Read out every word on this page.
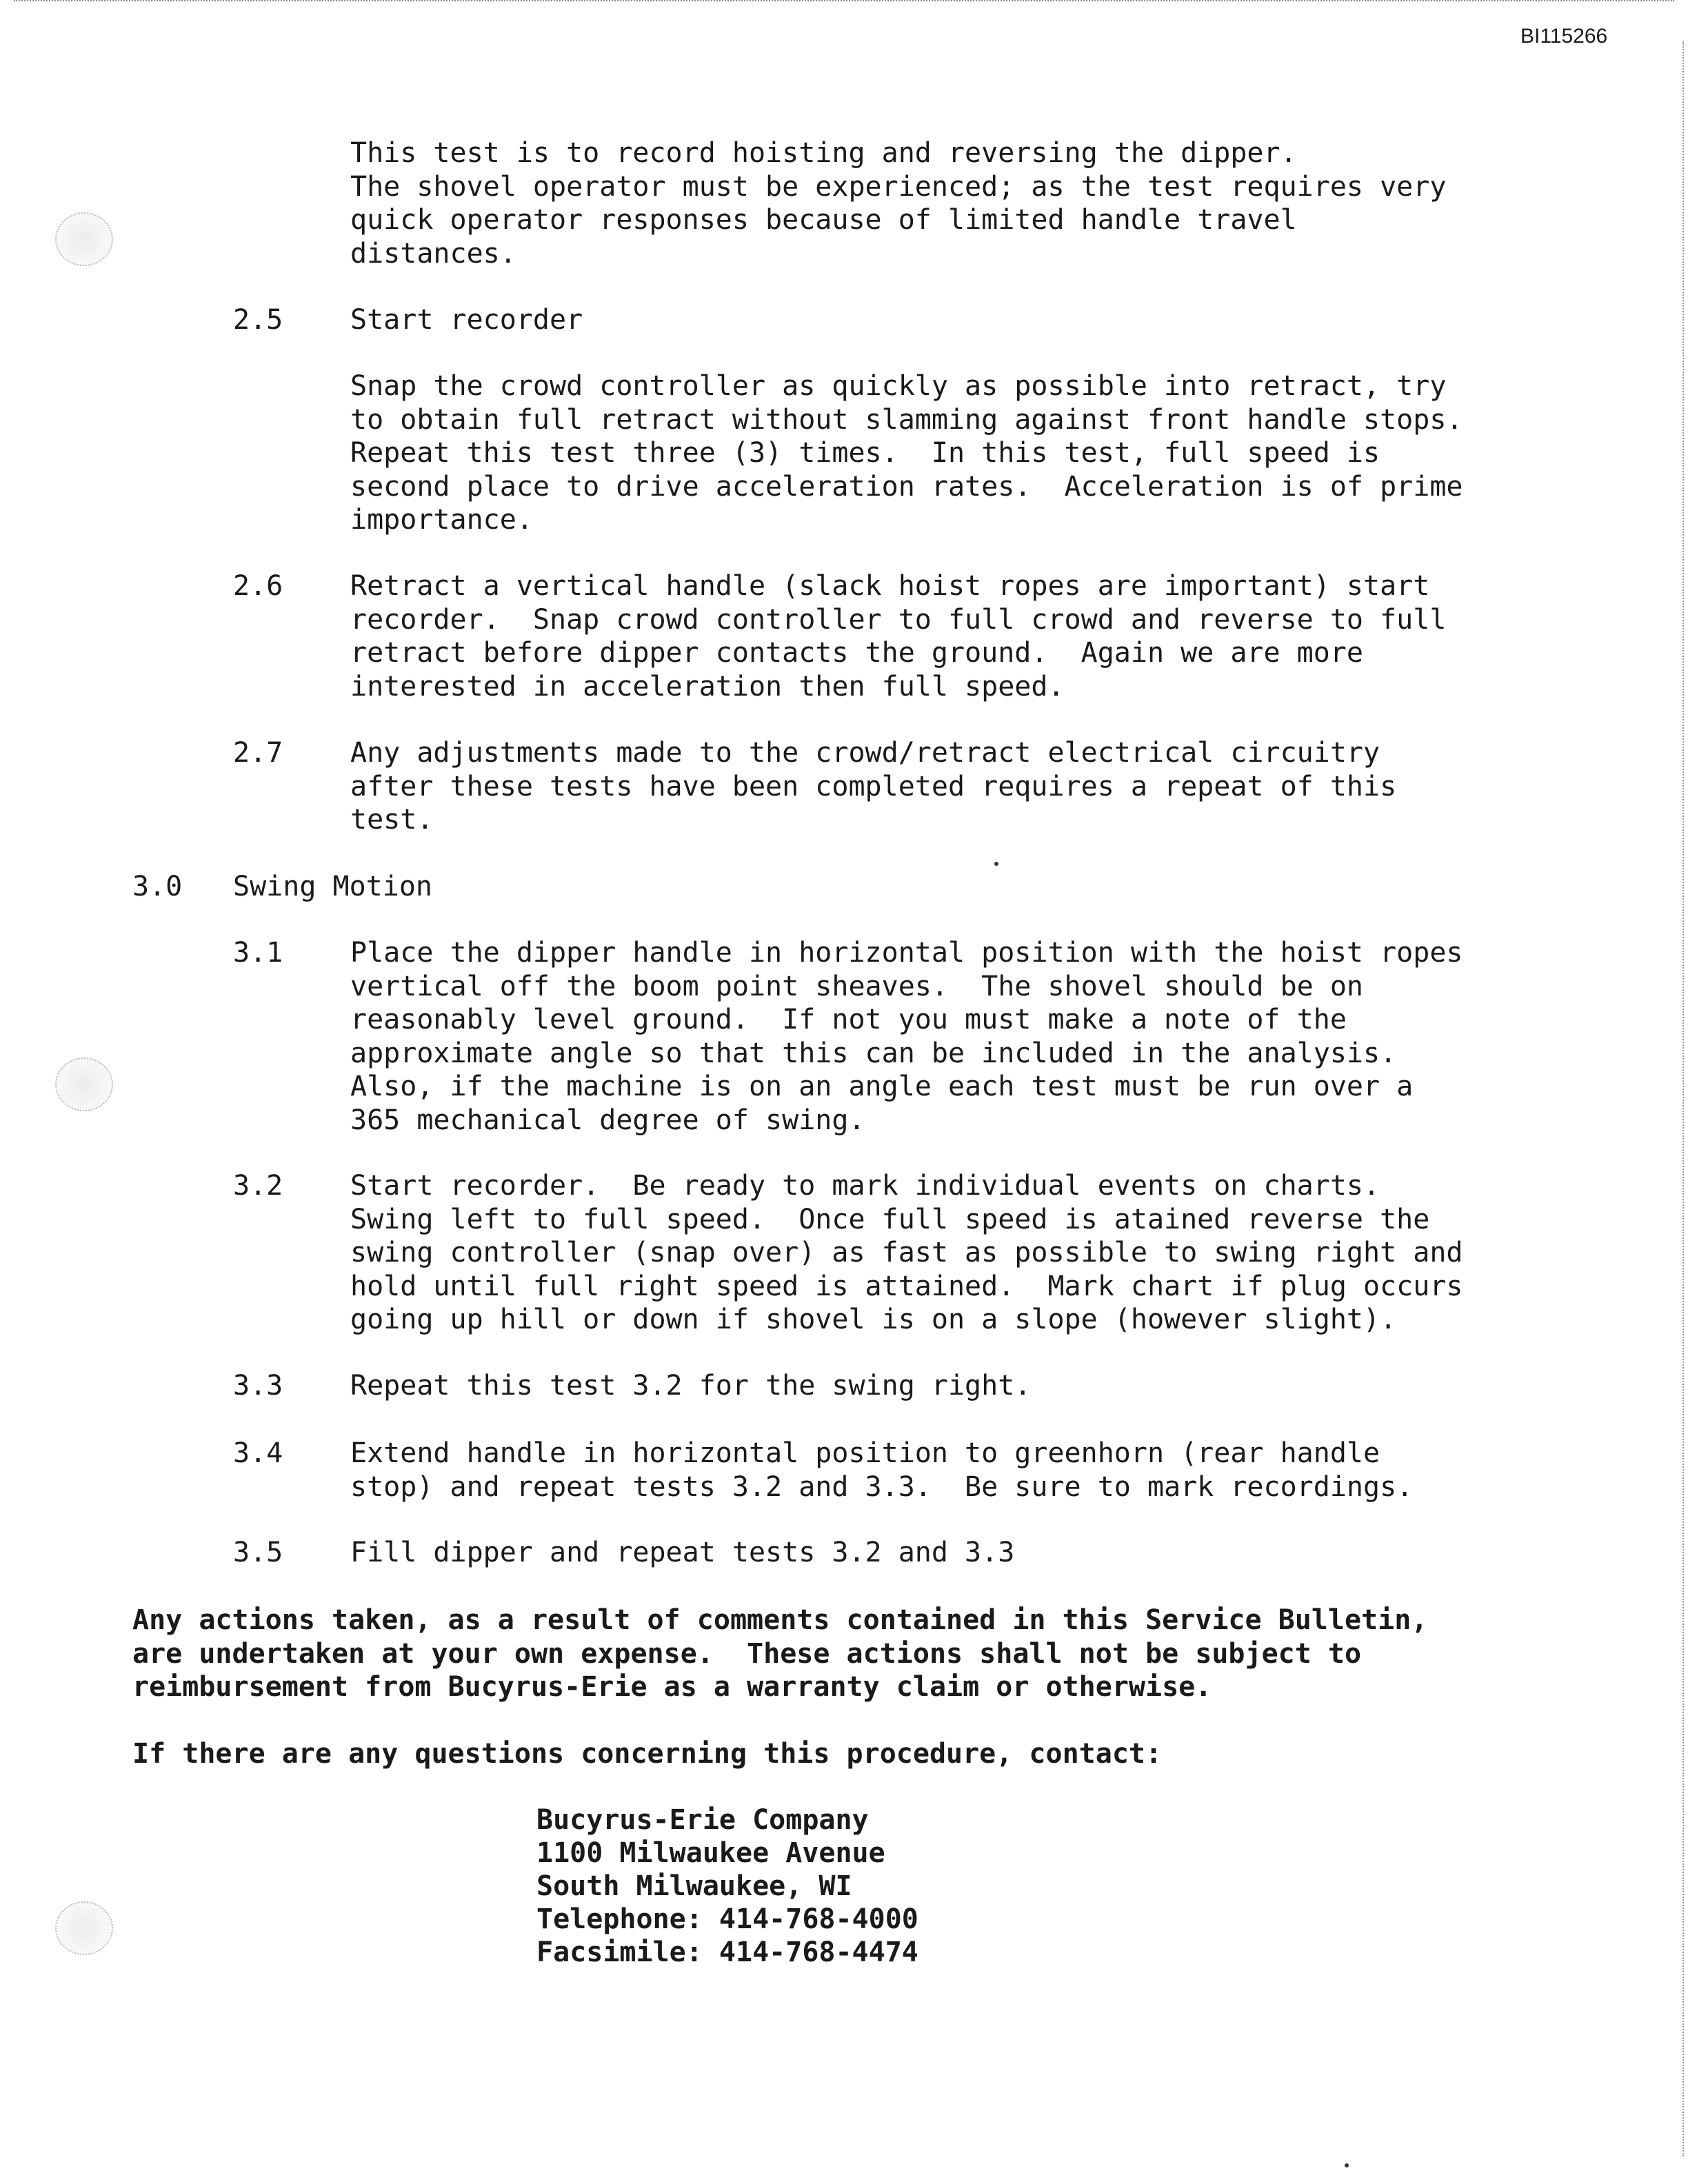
BI115266
This test is to record hoisting and reversing the dipper.
The shovel operator must be experienced; as the test requires very
quick operator responses because of limited handle travel
distances.
2.5 Start recorder
Snap the crowd controller as quickly as possible into retract, try
to obtain full retract without slamming against front handle stops.
Repeat this test three (3) times.  In this test, full speed is
second place to drive acceleration rates.  Acceleration is of prime
importance.
2.6 Retract a vertical handle (slack hoist ropes are important) start
recorder.  Snap crowd controller to full crowd and reverse to full
retract before dipper contacts the ground.  Again we are more
interested in acceleration then full speed.
2.7 Any adjustments made to the crowd/retract electrical circuitry
after these tests have been completed requires a repeat of this
test.
3.0 Swing Motion
3.1 Place the dipper handle in horizontal position with the hoist ropes
vertical off the boom point sheaves.  The shovel should be on
reasonably level ground.  If not you must make a note of the
approximate angle so that this can be included in the analysis.
Also, if the machine is on an angle each test must be run over a
365 mechanical degree of swing.
3.2 Start recorder.  Be ready to mark individual events on charts.
Swing left to full speed.  Once full speed is atained reverse the
swing controller (snap over) as fast as possible to swing right and
hold until full right speed is attained.  Mark chart if plug occurs
going up hill or down if shovel is on a slope (however slight).
3.3 Repeat this test 3.2 for the swing right.
3.4 Extend handle in horizontal position to greenhorn (rear handle
stop) and repeat tests 3.2 and 3.3.  Be sure to mark recordings.
3.5 Fill dipper and repeat tests 3.2 and 3.3
Any actions taken, as a result of comments contained in this Service Bulletin,
are undertaken at your own expense.  These actions shall not be subject to
reimbursement from Bucyrus-Erie as a warranty claim or otherwise.
If there are any questions concerning this procedure, contact:
Bucyrus-Erie Company
1100 Milwaukee Avenue
South Milwaukee, WI
Telephone: 414-768-4000
Facsimile: 414-768-4474
